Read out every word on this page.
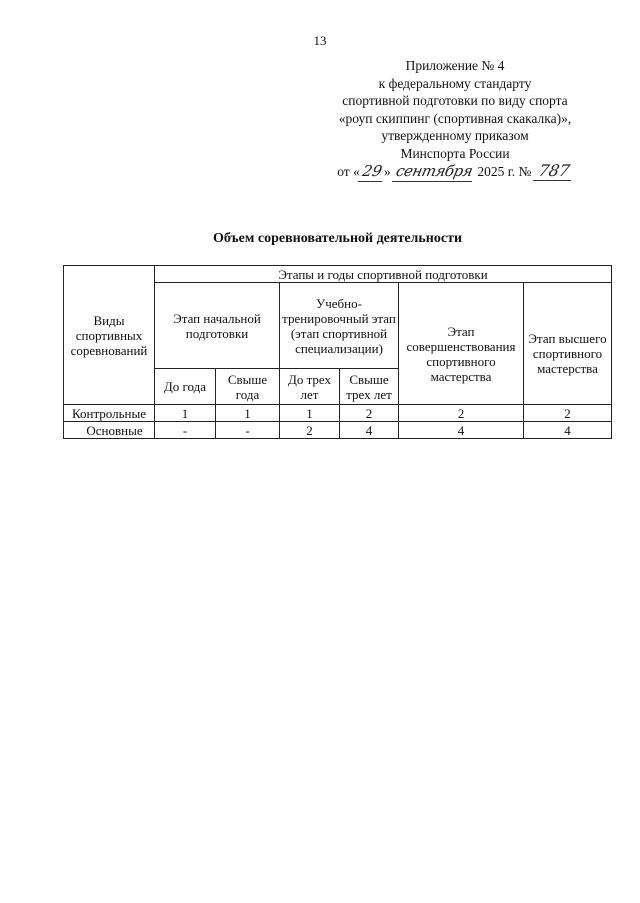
13
Приложение № 4
к федеральному стандарту
спортивной подготовки по виду спорта
«роуп скиппинг (спортивная скакалка)»,
утвержденному приказом
Минспорта России
от «29» сентября 2025 г. № 787
Объем соревновательной деятельности
Виды спортивных соревнований	Этапы и годы спортивной подготовки					
	Этап начальной подготовки		Учебно-тренировочный этап (этап спортивной специализации)		Этап совершенствования спортивного мастерства	Этап высшего спортивного мастерства
	До года	Свыше года	До трех лет	Свыше трех лет		
Контрольные	1	1	1	2	2	2
Основные	-	-	2	4	4	4
